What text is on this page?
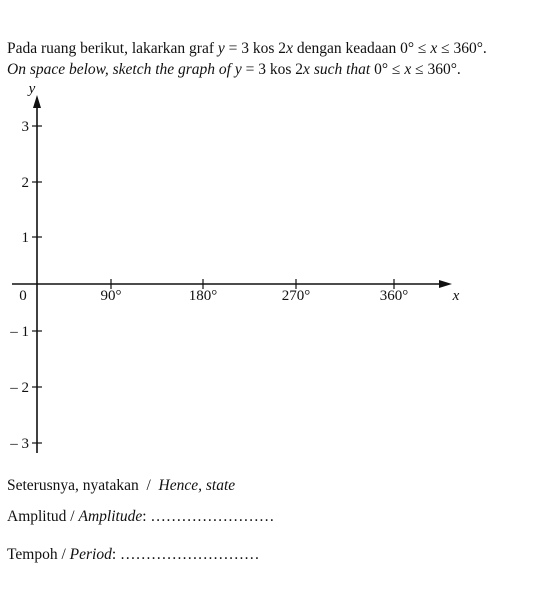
Pada ruang berikut, lakarkan graf y = 3 kos 2x dengan keadaan 0° ≤ x ≤ 360°.
On space below, sketch the graph of y = 3 kos 2x such that 0° ≤ x ≤ 360°.
y
x
0	90°	180°	270°	360°
3
2
1
– 1
– 2
– 3
Seterusnya, nyatakan  /  Hence, state
Amplitud / Amplitude: ……………………
Tempoh / Period: ………………………
